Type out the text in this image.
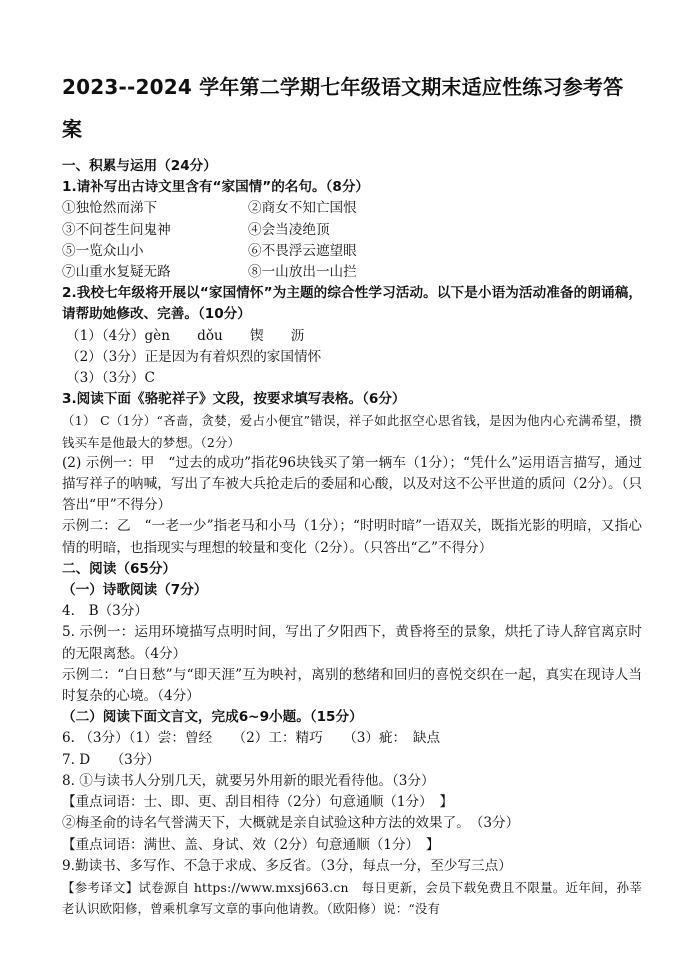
2023--2024 学年第二学期七年级语文期末适应性练习参考答案
一、积累与运用（24分）
1.请补写出古诗文里含有“家国情”的名句。（8分）
①独怆然而涕下	②商女不知亡国恨
③不问苍生问鬼神	④会当凌绝顶
⑤一览众山小	⑥不畏浮云遮望眼
⑦山重水复疑无路	⑧一山放出一山拦
2.我校七年级将开展以“家国情怀”为主题的综合性学习活动。以下是小语为活动准备的朗诵稿，请帮助她修改、完善。（10分）
（1）（4分）gèn　　dǒu　　锲　　沥
（2）（3分）正是因为有着炽烈的家国情怀
（3）（3分）C
3.阅读下面《骆驼祥子》文段，按要求填写表格。（6分）
（1） C（1分）“吝啬，贪婪，爱占小便宜”错误，祥子如此抠空心思省钱，是因为他内心充满希望，攒钱买车是他最大的梦想。（2分）
(2) 示例一：甲　“过去的成功”指花96块钱买了第一辆车（1分）；“凭什么”运用语言描写，通过描写祥子的呐喊，写出了车被大兵抢走后的委屈和心酸，以及对这不公平世道的质问（2分）。（只答出“甲”不得分）
示例二：乙　“一老一少”指老马和小马（1分）；“时明时暗”一语双关，既指光影的明暗，又指心情的明暗，也指现实与理想的较量和变化（2分）。（只答出“乙”不得分）
二、阅读（65分）
（一）诗歌阅读（7分）
4.　B（3分）
5. 示例一：运用环境描写点明时间，写出了夕阳西下，黄昏将至的景象，烘托了诗人辞官离京时的无限离愁。（4分）
示例二：“白日愁”与“即天涯”互为映衬，离别的愁绪和回归的喜悦交织在一起，真实在现诗人当时复杂的心境。（4分）
（二）阅读下面文言文，完成6~9小题。（15分）
6. （3分）（1）尝：曾经　　（2）工：精巧　　（3）疵：　缺点
7. D　　（3分）
8. ①与读书人分别几天，就要另外用新的眼光看待他。（3分）
【重点词语：士、即、更、刮目相待（2分）句意通顺（1分）　】
②梅圣俞的诗名气誉满天下，大概就是亲自试验这种方法的效果了。　（3分）
【重点词语：满世、盖、身试、效（2分）句意通顺（1分）　】
9.勤读书、多写作、不急于求成、多反省。（3分，每点一分，至少写三点）
【参考译文】试卷源自 https://www.mxsj663.cn　每日更新，会员下载免费且不限量。近年间，孙莘老认识欧阳修，曾乘机拿写文章的事向他请教。（欧阳修）说：“没有
